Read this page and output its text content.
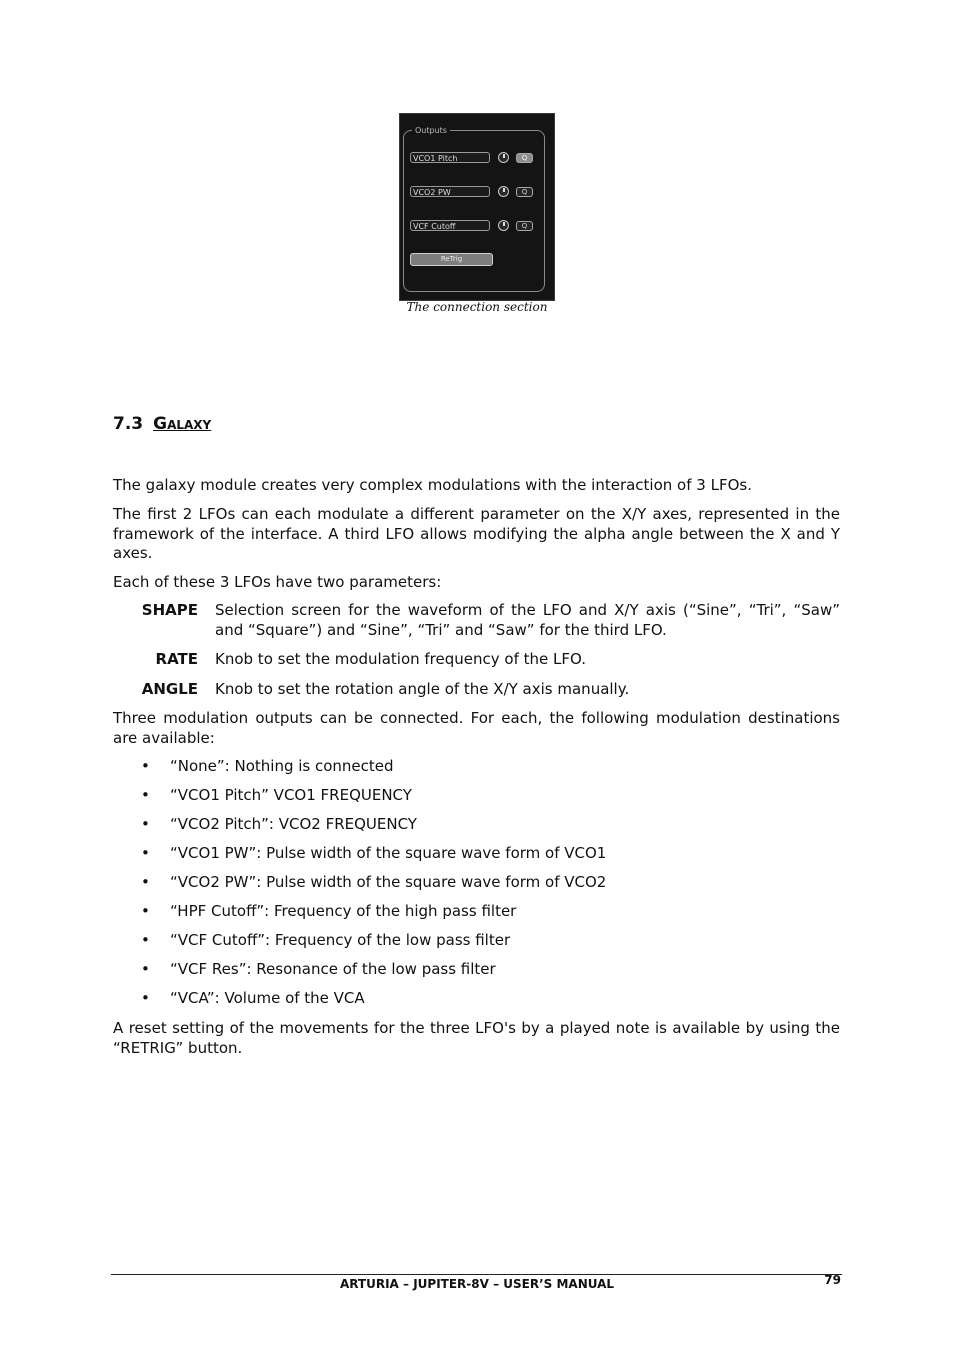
Outputs
VCO1 Pitch	Q
VCO2 PW	Q
VCF Cutoff	Q
ReTrig
The connection section
7.3 Galaxy
The galaxy module creates very complex modulations with the interaction of 3 LFOs.
The first 2 LFOs can each modulate a different parameter on the X/Y axes, represented in the framework of the interface. A third LFO allows modifying the alpha angle between the X and Y axes.
Each of these 3 LFOs have two parameters:
SHAPE Selection screen for the waveform of the LFO and X/Y axis (“Sine”, “Tri”, “Saw” and “Square”) and “Sine”, “Tri” and “Saw” for the third LFO.
RATE Knob to set the modulation frequency of the LFO.
ANGLE Knob to set the rotation angle of the X/Y axis manually.
Three modulation outputs can be connected. For each, the following modulation destinations are available:
•	“None”: Nothing is connected
•	“VCO1 Pitch” VCO1 FREQUENCY
•	“VCO2 Pitch”: VCO2 FREQUENCY
•	“VCO1 PW”: Pulse width of the square wave form of VCO1
•	“VCO2 PW”: Pulse width of the square wave form of VCO2
•	“HPF Cutoff”: Frequency of the high pass filter
•	“VCF Cutoff”: Frequency of the low pass filter
•	“VCF Res”: Resonance of the low pass filter
•	“VCA”: Volume of the VCA
A reset setting of the movements for the three LFO's by a played note is available by using the “RETRIG” button.
ARTURIA – JUPITER-8V – USER’S MANUAL	79
